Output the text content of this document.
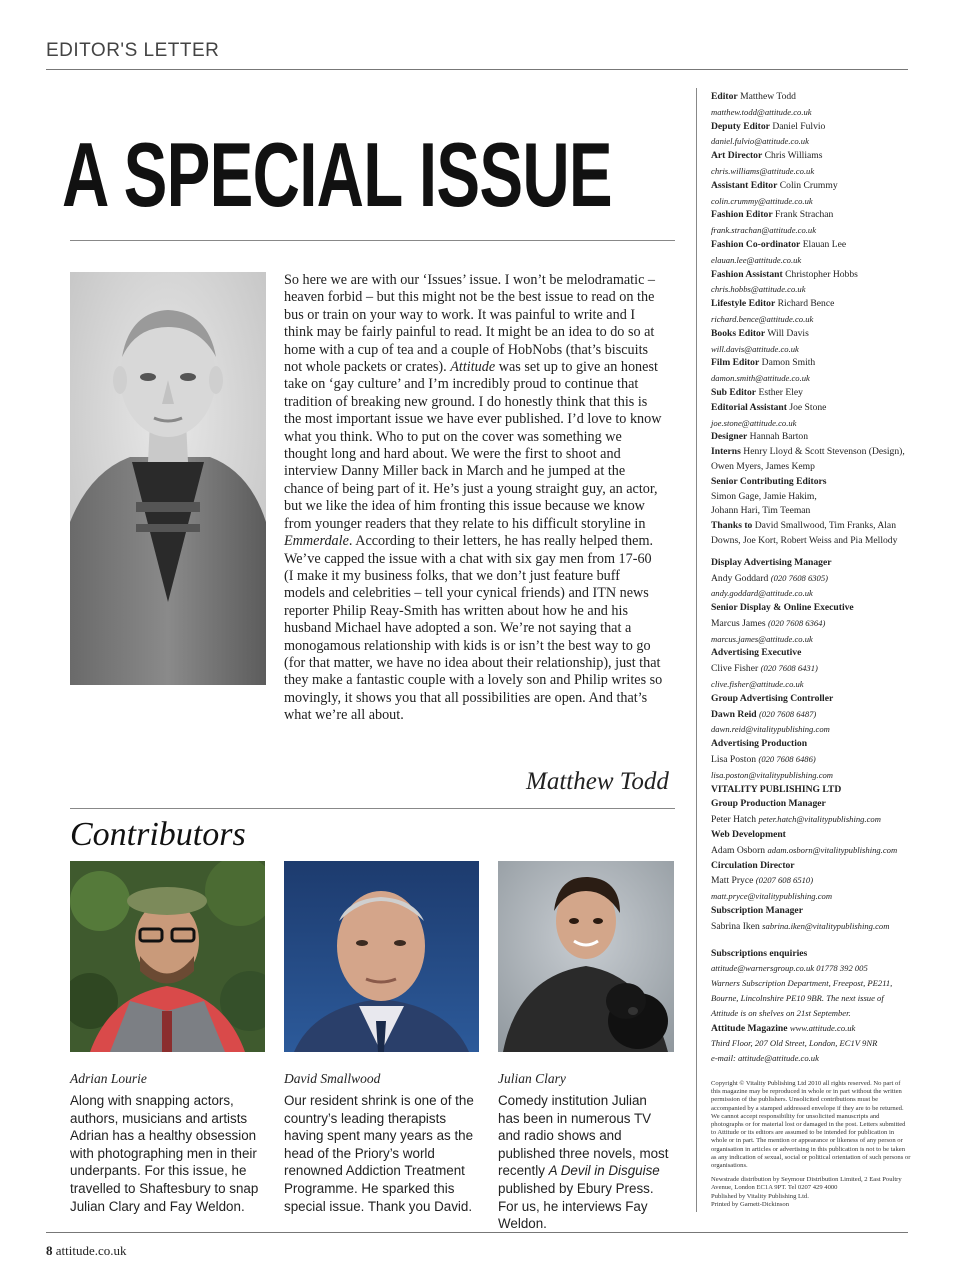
EDITOR'S LETTER
A SPECIAL ISSUE
So here we are with our ‘Issues’ issue. I won’t be melodramatic – heaven forbid – but this might not be the best issue to read on the bus or train on your way to work. It was painful to write and I think may be fairly painful to read. It might be an idea to do so at home with a cup of tea and a couple of HobNobs (that’s biscuits not whole packets or crates). Attitude was set up to give an honest take on ‘gay culture’ and I’m incredibly proud to continue that tradition of breaking new ground. I do honestly think that this is the most important issue we have ever published. I’d love to know what you think. Who to put on the cover was something we thought long and hard about. We were the first to shoot and interview Danny Miller back in March and he jumped at the chance of being part of it. He’s just a young straight guy, an actor, but we like the idea of him fronting this issue because we know from younger readers that they relate to his difficult storyline in Emmerdale. According to their letters, he has really helped them. We’ve capped the issue with a chat with six gay men from 17-60 (I make it my business folks, that we don’t just feature buff models and celebrities – tell your cynical friends) and ITN news reporter Philip Reay-Smith has written about how he and his husband Michael have adopted a son. We’re not saying that a monogamous relationship with kids is or isn’t the best way to go (for that matter, we have no idea about their relationship), just that they make a fantastic couple with a lovely son and Philip writes so movingly, it shows you that all possibilities are open. And that’s what we’re all about.
Matthew Todd
Contributors
Adrian Lourie	David Smallwood	Julian Clary
Along with snapping actors, authors, musicians and artists Adrian has a healthy obsession with photographing men in their underpants. For this issue, he travelled to Shaftesbury to snap Julian Clary and Fay Weldon.
Our resident shrink is one of the country’s leading therapists having spent many years as the head of the Priory’s world renowned Addiction Treatment Programme. He sparked this special issue. Thank you David.
Comedy institution Julian has been in numerous TV and radio shows and published three novels, most recently A Devil in Disguise published by Ebury Press. For us, he interviews Fay Weldon.
Editor Matthew Todd
matthew.todd@attitude.co.uk
Deputy Editor Daniel Fulvio
daniel.fulvio@attitude.co.uk
Art Director Chris Williams
chris.williams@attitude.co.uk
Assistant Editor Colin Crummy
colin.crummy@attitude.co.uk
Fashion Editor Frank Strachan
frank.strachan@attitude.co.uk
Fashion Co-ordinator Elauan Lee
elauan.lee@attitude.co.uk
Fashion Assistant Christopher Hobbs
chris.hobbs@attitude.co.uk
Lifestyle Editor Richard Bence
richard.bence@attitude.co.uk
Books Editor Will Davis
will.davis@attitude.co.uk
Film Editor Damon Smith
damon.smith@attitude.co.uk
Sub Editor Esther Eley
Editorial Assistant Joe Stone
joe.stone@attitude.co.uk
Designer Hannah Barton
Interns Henry Lloyd & Scott Stevenson (Design),
Owen Myers, James Kemp
Senior Contributing Editors
Simon Gage, Jamie Hakim,
Johann Hari, Tim Teeman
Thanks to David Smallwood, Tim Franks, Alan
Downs, Joe Kort, Robert Weiss and Pia Mellody
Display Advertising Manager
Andy Goddard (020 7608 6305)
andy.goddard@attitude.co.uk
Senior Display & Online Executive
Marcus James (020 7608 6364)
marcus.james@attitude.co.uk
Advertising Executive
Clive Fisher (020 7608 6431)
clive.fisher@attitude.co.uk
Group Advertising Controller
Dawn Reid (020 7608 6487)
dawn.reid@vitalitypublishing.com
Advertising Production
Lisa Poston (020 7608 6486)
lisa.poston@vitalitypublishing.com
VITALITY PUBLISHING LTD
Group Production Manager
Peter Hatch peter.hatch@vitalitypublishing.com
Web Development
Adam Osborn adam.osborn@vitalitypublishing.com
Circulation Director
Matt Pryce (0207 608 6510)
matt.pryce@vitalitypublishing.com
Subscription Manager
Sabrina Iken sabrina.iken@vitalitypublishing.com
Subscriptions enquiries
attitude@warnersgroup.co.uk 01778 392 005
Warners Subscription Department, Freepost, PE211,
Bourne, Lincolnshire PE10 9BR. The next issue of
Attitude is on shelves on 21st September.
Attitude Magazine www.attitude.co.uk
Third Floor, 207 Old Street, London, EC1V 9NR
e-mail: attitude@attitude.co.uk

Copyright © Vitality Publishing Ltd 2010 all rights reserved. No part of this magazine may be reproduced in whole or in part without the written permission of the publishers. Unsolicited contributions must be accompanied by a stamped addressed envelope if they are to be returned. We cannot accept responsibility for unsolicited manuscripts and photographs or for material lost or damaged in the post. Letters submitted to Attitude or its editors are assumed to be intended for publication in whole or in part. The mention or appearance or likeness of any person or organisation in articles or advertising in this publication is not to be taken as any indication of sexual, social or political orientation of such persons or organisations.

Newstrade distribution by Seymour Distribution Limited, 2 East Poultry Avenue, London EC1A 9PT. Tel 0207 429 4000

Published by Vitality Publishing Ltd.
Printed by Garnett-Dickinson
8 attitude.co.uk
